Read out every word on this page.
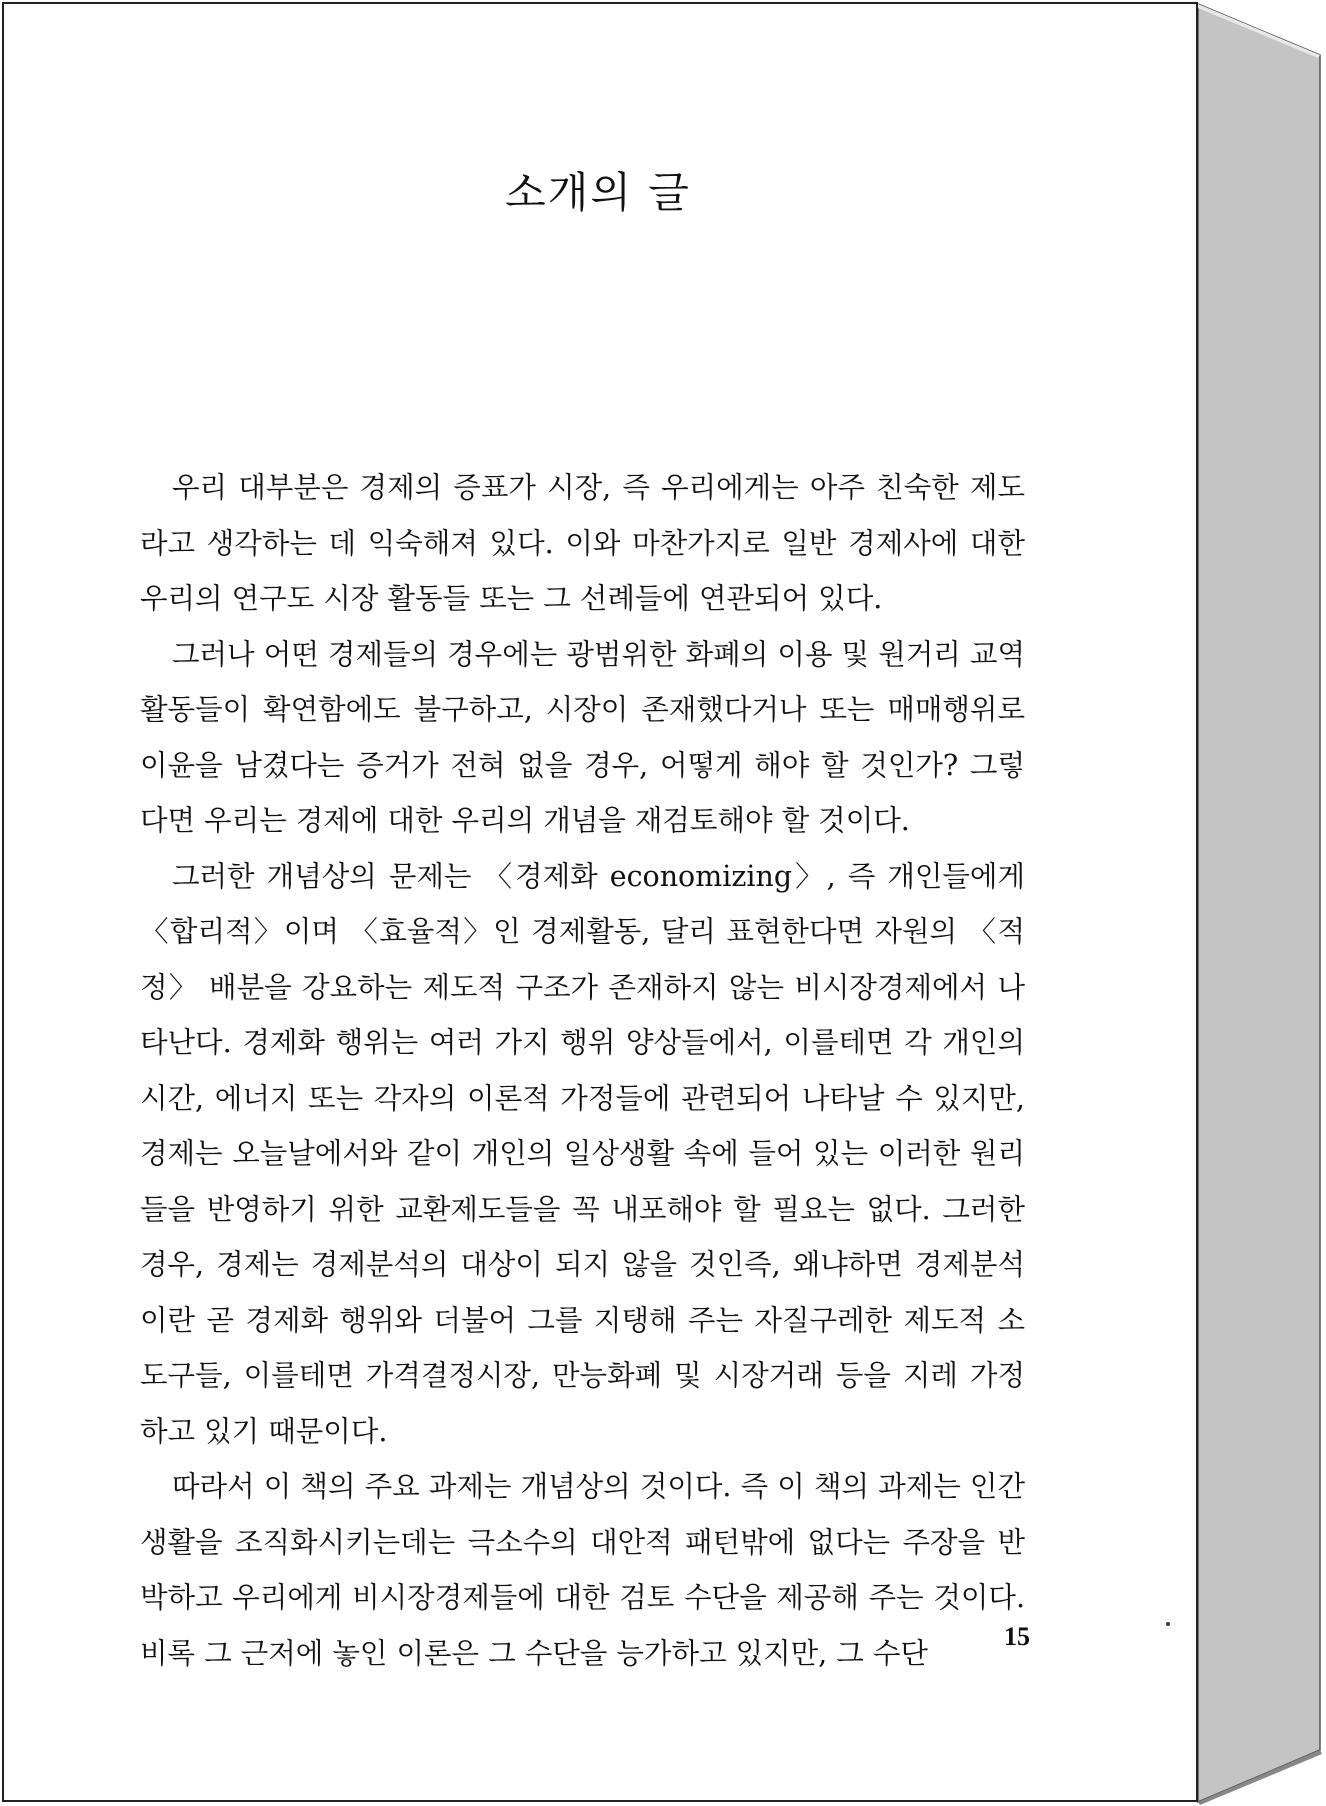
소개의 글

우리 대부분은 경제의 증표가 시장, 즉 우리에게는 아주 친숙한 제도라고 생각하는 데 익숙해져 있다. 이와 마찬가지로 일반 경제사에 대한 우리의 연구도 시장 활동들 또는 그 선례들에 연관되어 있다.

그러나 어떤 경제들의 경우에는 광범위한 화폐의 이용 및 원거리 교역활동들이 확연함에도 불구하고, 시장이 존재했다거나 또는 매매행위로 이윤을 남겼다는 증거가 전혀 없을 경우, 어떻게 해야 할 것인가? 그렇다면 우리는 경제에 대한 우리의 개념을 재검토해야 할 것이다.

그러한 개념상의 문제는 〈경제화 economizing〉, 즉 개인들에게 〈합리적〉이며 〈효율적〉인 경제활동, 달리 표현한다면 자원의 〈적정〉 배분을 강요하는 제도적 구조가 존재하지 않는 비시장경제에서 나타난다. 경제화 행위는 여러 가지 행위 양상들에서, 이를테면 각 개인의 시간, 에너지 또는 각자의 이론적 가정들에 관련되어 나타날 수 있지만, 경제는 오늘날에서와 같이 개인의 일상생활 속에 들어 있는 이러한 원리들을 반영하기 위한 교환제도들을 꼭 내포해야 할 필요는 없다. 그러한 경우, 경제는 경제분석의 대상이 되지 않을 것인즉, 왜냐하면 경제분석이란 곧 경제화 행위와 더불어 그를 지탱해 주는 자질구레한 제도적 소도구들, 이를테면 가격결정시장, 만능화폐 및 시장거래 등을 지레 가정하고 있기 때문이다.

따라서 이 책의 주요 과제는 개념상의 것이다. 즉 이 책의 과제는 인간생활을 조직화시키는데는 극소수의 대안적 패턴밖에 없다는 주장을 반박하고 우리에게 비시장경제들에 대한 검토 수단을 제공해 주는 것이다. 비록 그 근저에 놓인 이론은 그 수단을 능가하고 있지만, 그 수단	15
